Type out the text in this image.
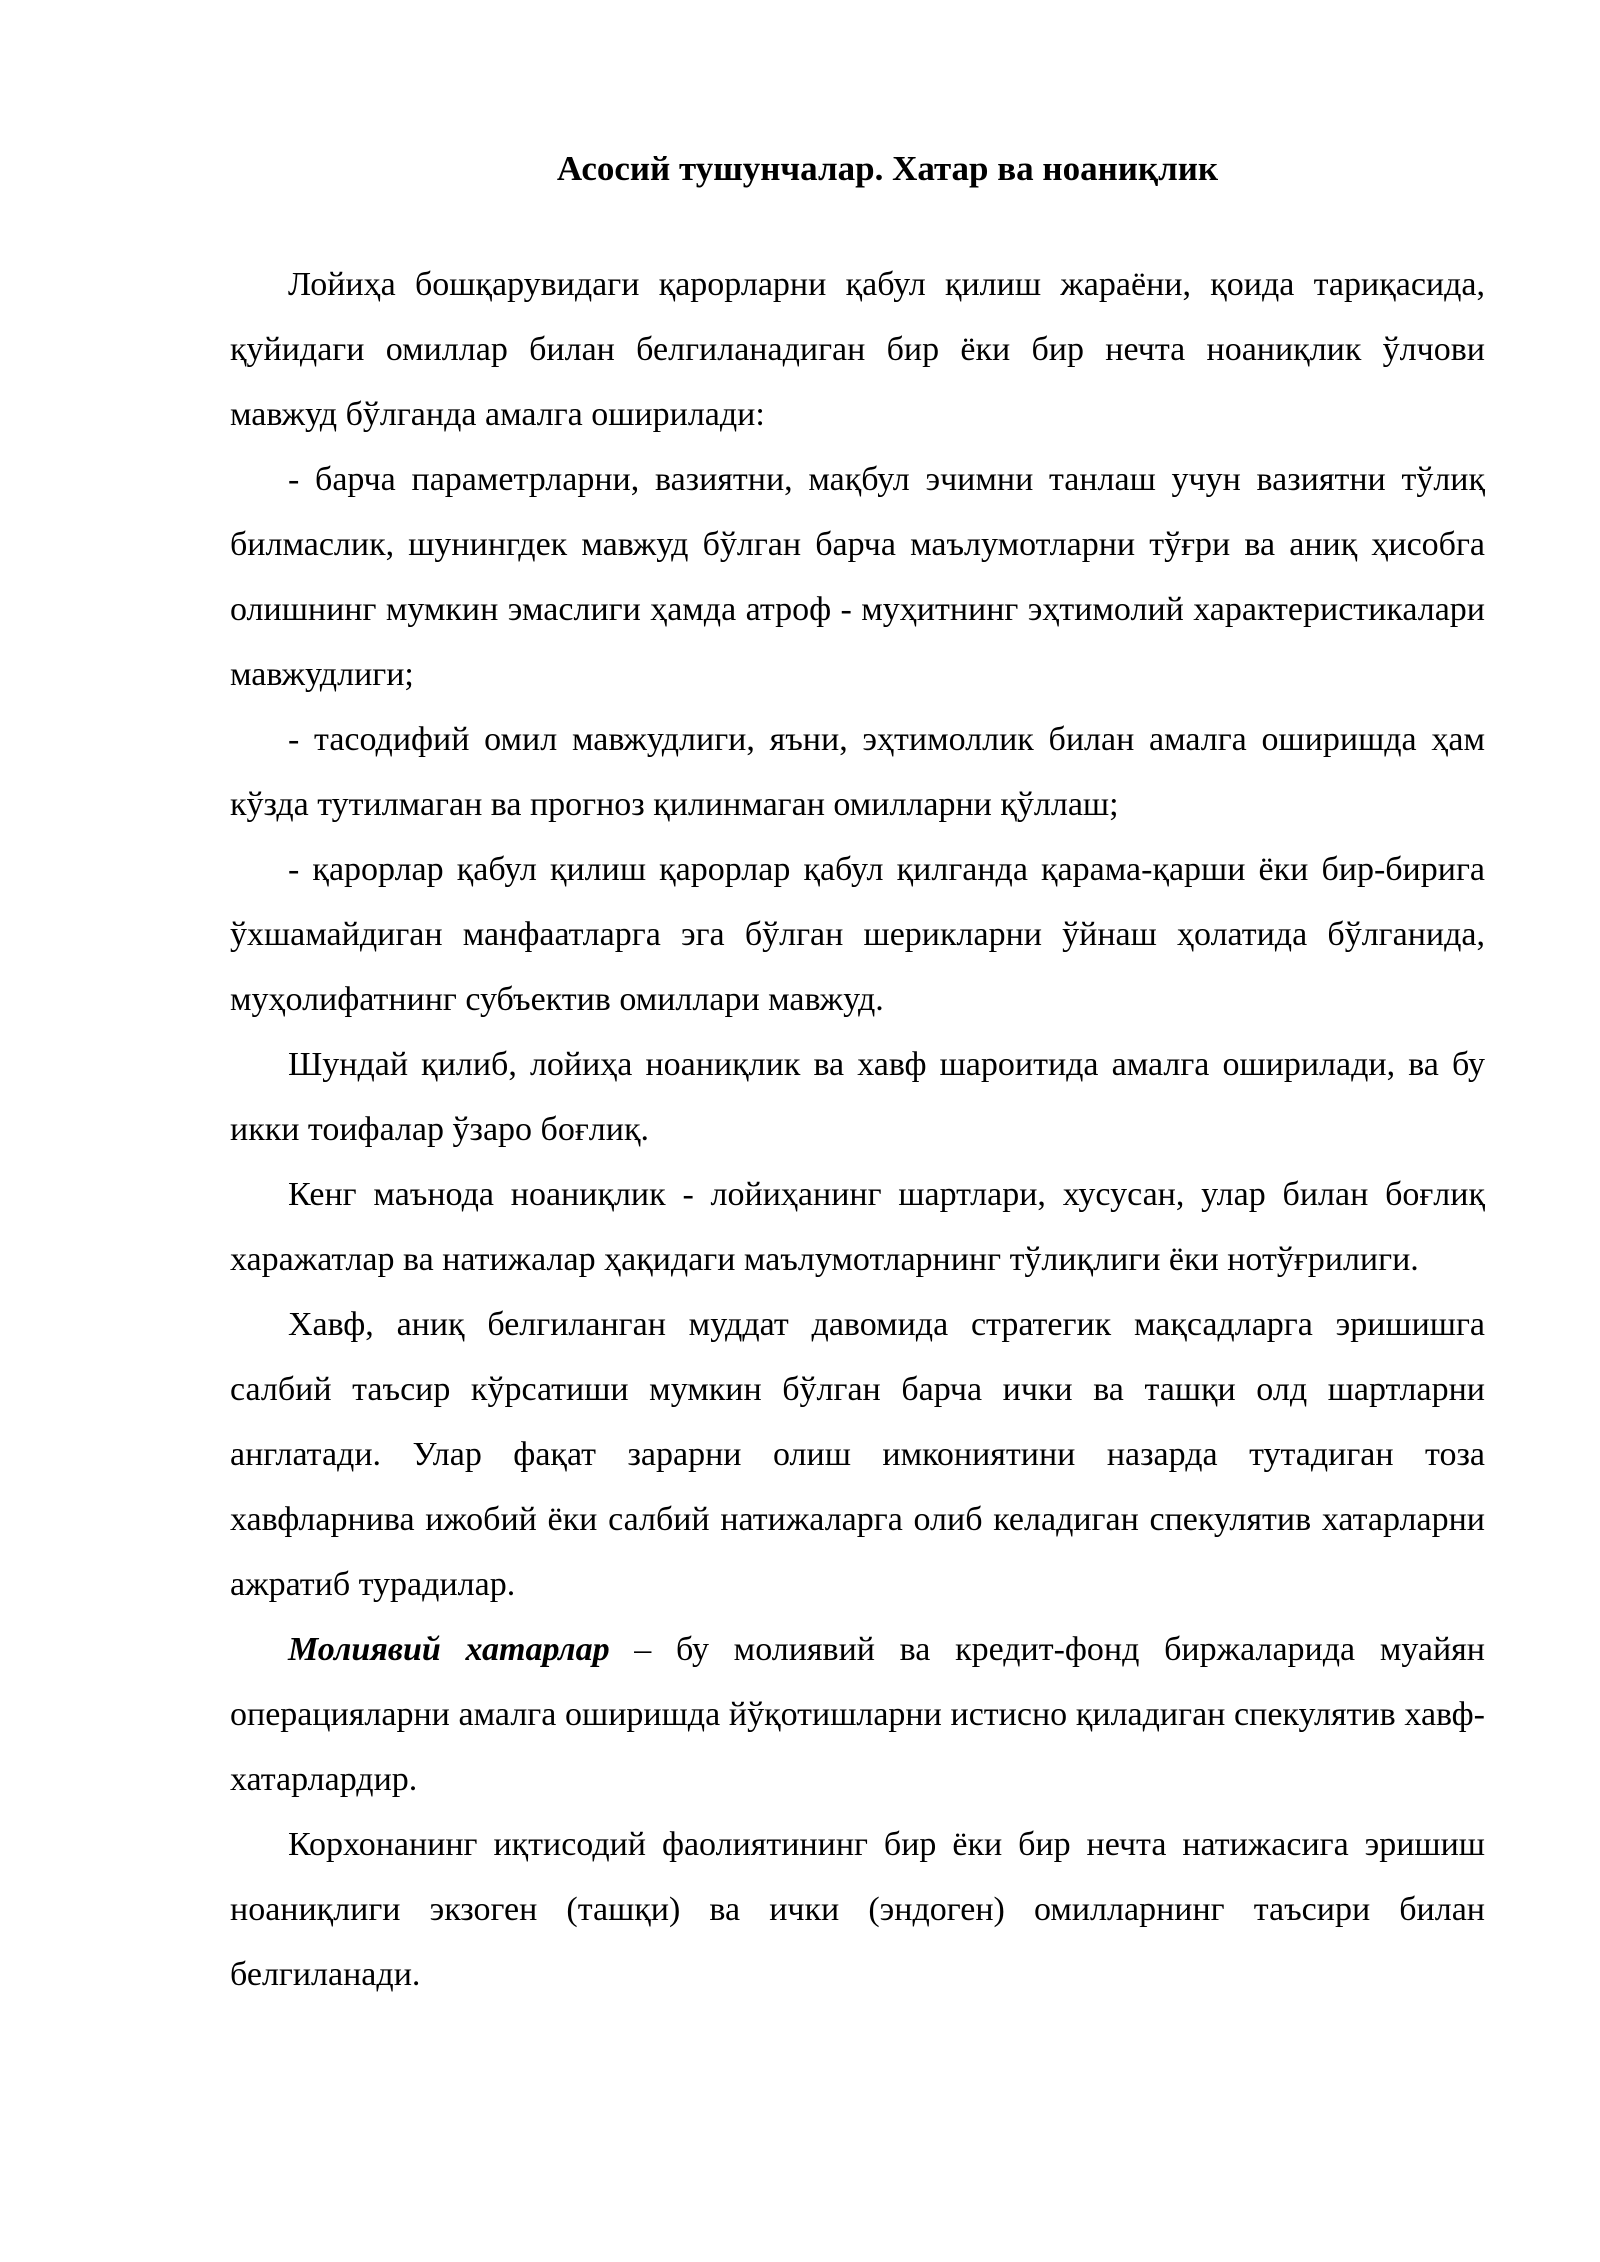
Асосий тушунчалар. Хатар ва ноаниқлик

Лойиҳа бошқарувидаги қарорларни қабул қилиш жараёни, қоида тариқасида, қуйидаги омиллар билан белгиланадиган бир ёки бир нечта ноаниқлик ўлчови мавжуд бўлганда амалга оширилади:

- барча параметрларни, вазиятни, мақбул эчимни танлаш учун вазиятни тўлиқ билмаслик, шунингдек мавжуд бўлган барча маълумотларни тўғри ва аниқ ҳисобга олишнинг мумкин эмаслиги ҳамда атроф - муҳитнинг эҳтимолий характеристикалари мавжудлиги;

- тасодифий омил мавжудлиги, яъни, эҳтимоллик билан амалга оширишда ҳам кўзда тутилмаган ва прогноз қилинмаган омилларни қўллаш;

- қарорлар қабул қилиш қарорлар қабул қилганда қарама-қарши ёки бир-бирига ўхшамайдиган манфаатларга эга бўлган шерикларни ўйнаш ҳолатида бўлганида, муҳолифатнинг субъектив омиллари мавжуд.

Шундай қилиб, лойиҳа ноаниқлик ва хавф шароитида амалга оширилади, ва бу икки тоифалар ўзаро боғлиқ.

Кенг маънода ноаниқлик - лойиҳанинг шартлари, хусусан, улар билан боғлиқ харажатлар ва натижалар ҳақидаги маълумотларнинг тўлиқлиги ёки нотўғрилиги.

Хавф, аниқ белгиланган муддат давомида стратегик мақсадларга эришишга салбий таъсир кўрсатиши мумкин бўлган барча ички ва ташқи олд шартларни англатади. Улар фақат зарарни олиш имкониятини назарда тутадиган тоза хавфларнива ижобий ёки салбий натижаларга олиб келадиган спекулятив хатарларни ажратиб турадилар.

Молиявий хатарлар – бу молиявий ва кредит-фонд биржаларида муайян операцияларни амалга оширишда йўқотишларни истисно қиладиган спекулятив хавф-хатарлардир.

Корхонанинг иқтисодий фаолиятининг бир ёки бир нечта натижасига эришиш ноаниқлиги экзоген (ташқи) ва ички (эндоген) омилларнинг таъсири билан белгиланади.
